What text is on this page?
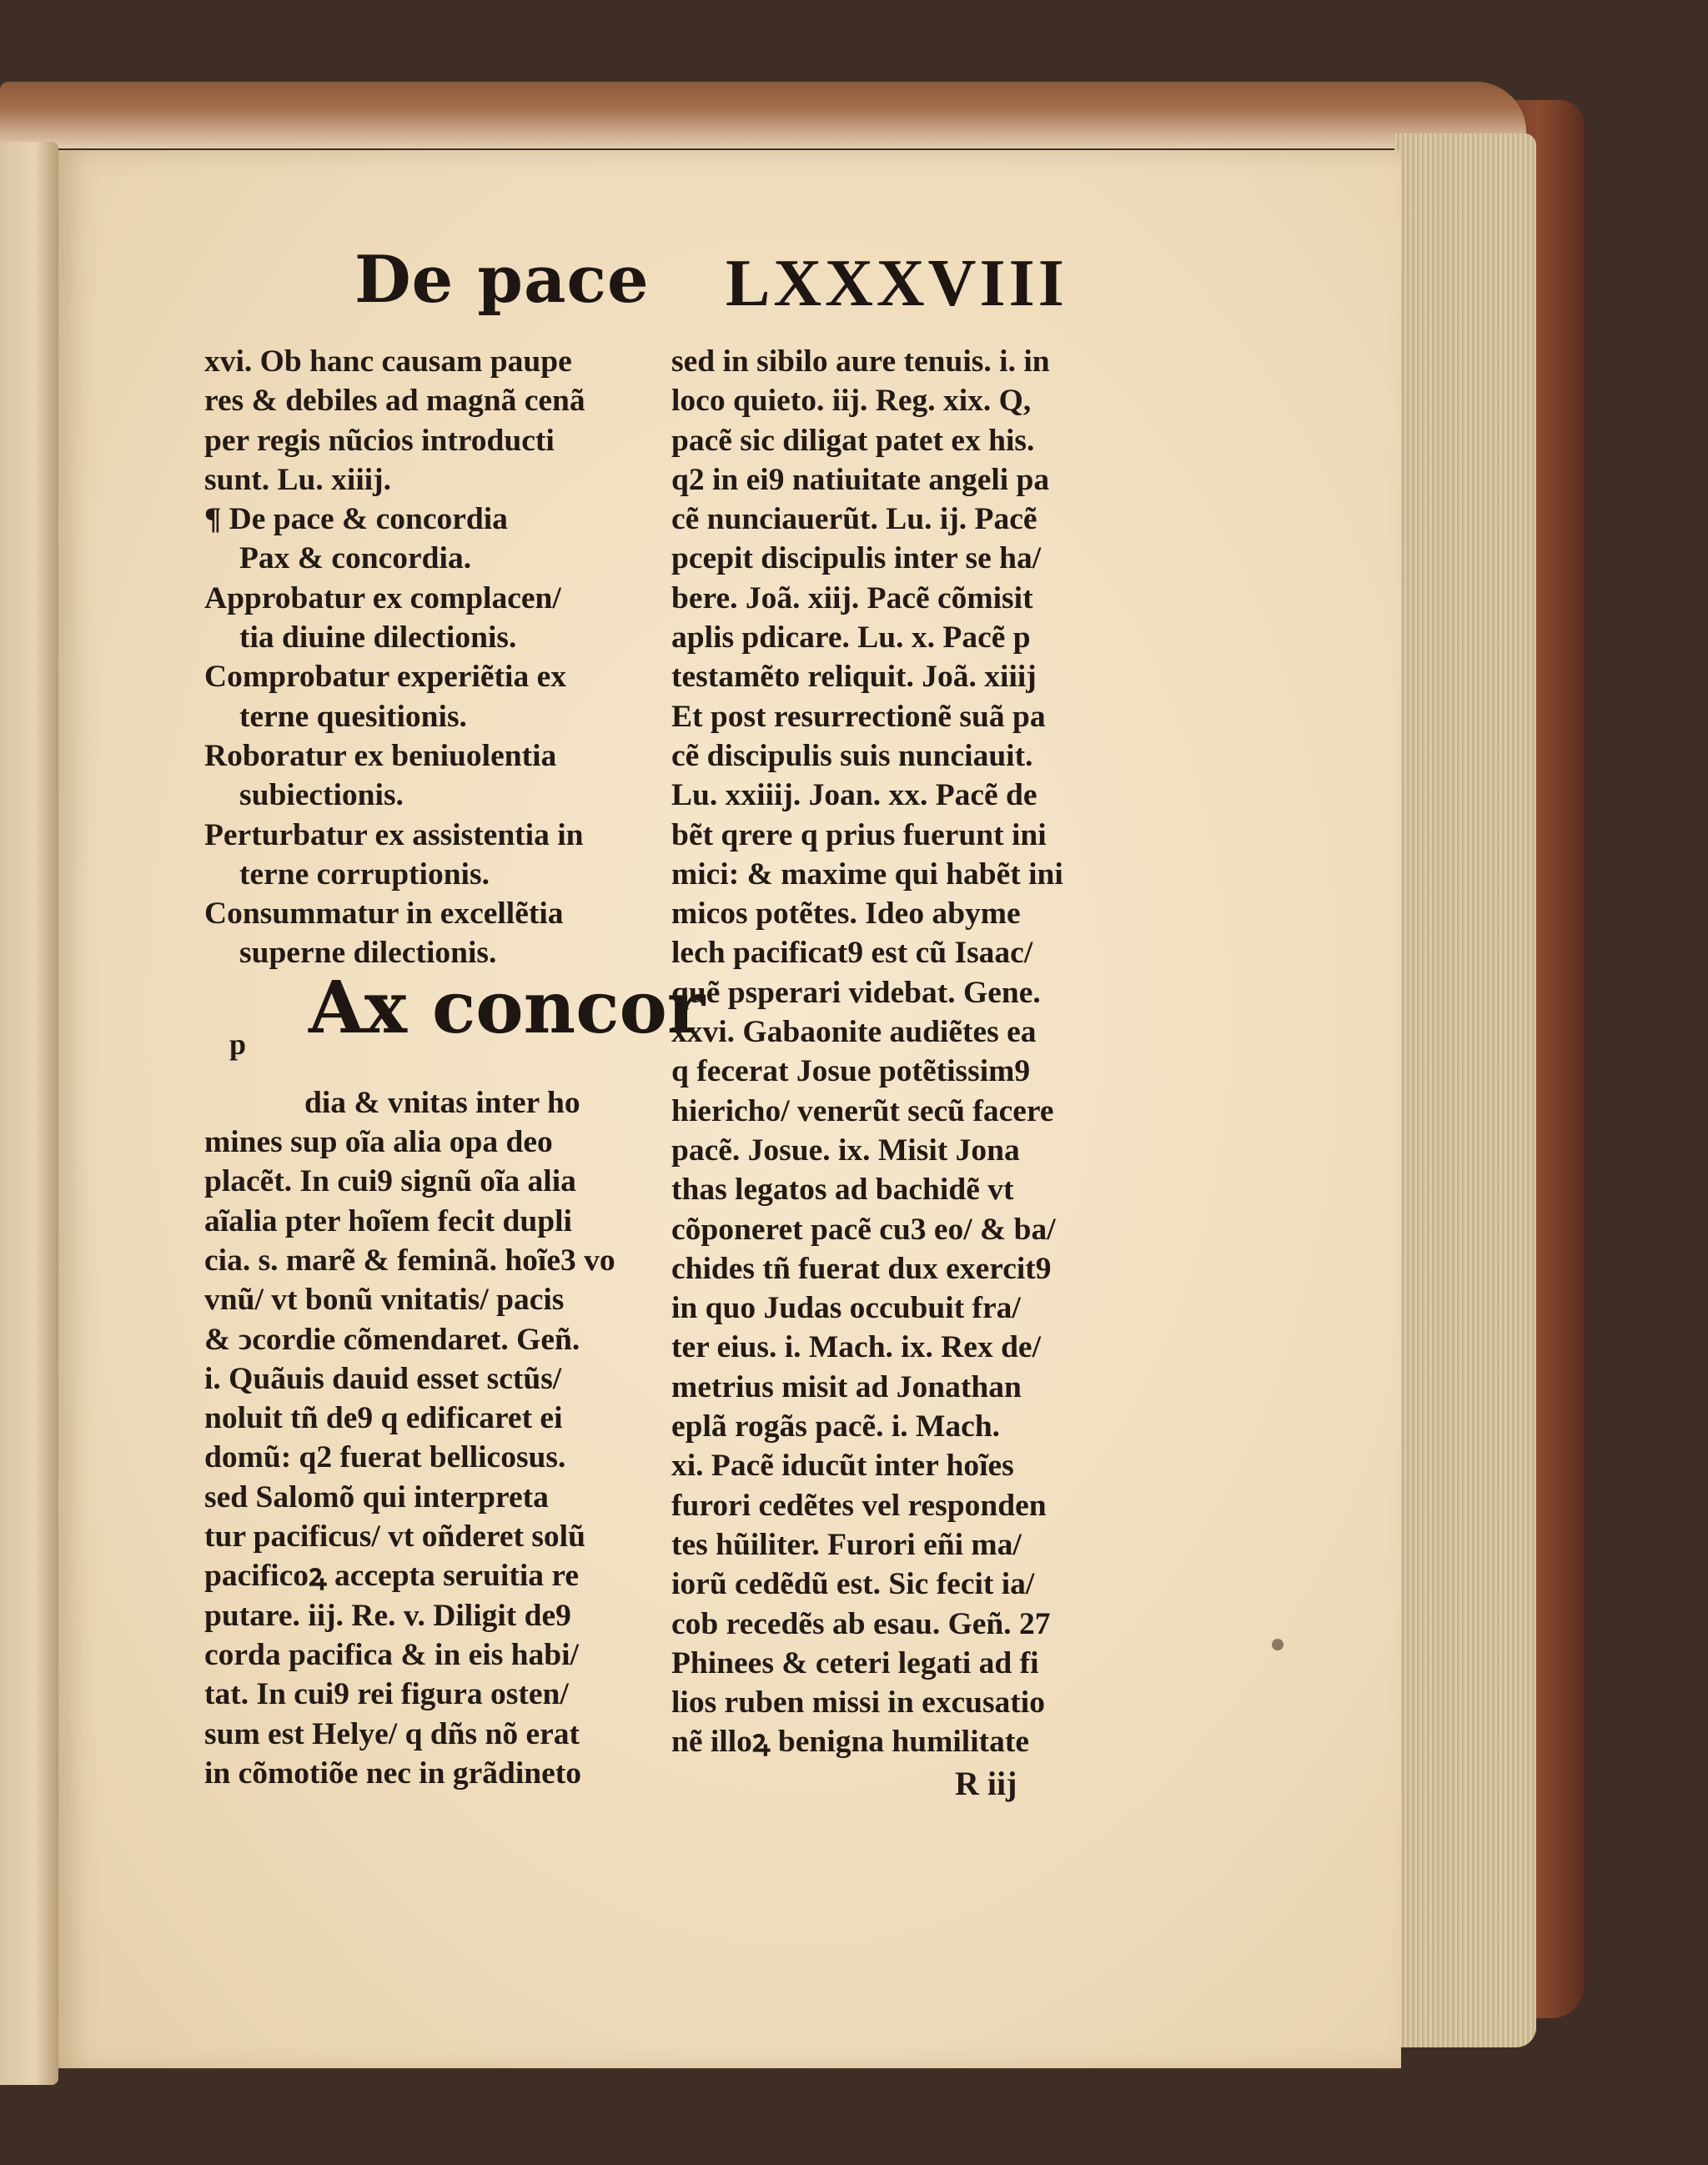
De pace LXXXVIII
xvi. Ob hanc causam paupe
res & debiles ad magnã cenã
per regis nũcios introducti
sunt. Lu. xiiij.
¶ De pace & concordia
Pax & concordia.
Approbatur ex complacen/
tia diuine dilectionis.
Comprobatur experiẽtia ex
terne quesitionis.
Roboratur ex beniuolentia
subiectionis.
Perturbatur ex assistentia in
terne corruptionis.
Consummatur in excellẽtia
superne dilectionis.
p Ax concor
dia & vnitas inter ho
mines sup oĩa alia opa deo
placẽt. In cui9 signũ oĩa alia
aĩalia pter hoĩem fecit dupli
cia. s. marẽ & feminã. hoĩe3 vo
vnũ/ vt bonũ vnitatis/ pacis
& ↄcordie cõmendaret. Geñ.
i. Quãuis dauid esset sctũs/
noluit tñ de9 q edificaret ei
domũ: q2 fuerat bellicosus.
sed Salomõ qui interpreta
tur pacificus/ vt oñderet solũ
pacificoꝝ accepta seruitia re
putare. iij. Re. v. Diligit de9
corda pacifica & in eis habi/
tat. In cui9 rei figura osten/
sum est Helye/ q dñs nõ erat
in cõmotiõe nec in grãdineto
sed in sibilo aure tenuis. i. in
loco quieto. iij. Reg. xix. Q,
pacẽ sic diligat patet ex his.
q2 in ei9 natiuitate angeli pa
cẽ nunciauerũt. Lu. ij. Pacẽ
pcepit discipulis inter se ha/
bere. Joã. xiij. Pacẽ cõmisit
aplis pdicare. Lu. x. Pacẽ p
testamẽto reliquit. Joã. xiiij
Et post resurrectionẽ suã pa
cẽ discipulis suis nunciauit.
Lu. xxiiij. Joan. xx. Pacẽ de
bẽt qrere q prius fuerunt ini
mici: & maxime qui habẽt ini
micos potẽtes. Ideo abyme
lech pacificat9 est cũ Isaac/
quẽ psperari videbat. Gene.
xxvi. Gabaonite audiẽtes ea
q fecerat Josue potẽtissim9
hiericho/ venerũt secũ facere
pacẽ. Josue. ix. Misit Jona
thas legatos ad bachidẽ vt
cõponeret pacẽ cu3 eo/ & ba/
chides tñ fuerat dux exercit9
in quo Judas occubuit fra/
ter eius. i. Mach. ix. Rex de/
metrius misit ad Jonathan
eplã rogãs pacẽ. i. Mach.
xi. Pacẽ iducũt inter hoĩes
furori cedẽtes vel responden
tes hũiliter. Furori eñi ma/
iorũ cedẽdũ est. Sic fecit ia/
cob recedẽs ab esau. Geñ. 27
Phinees & ceteri legati ad fi
lios ruben missi in excusatio
nẽ illoꝝ benigna humilitate
R iij
